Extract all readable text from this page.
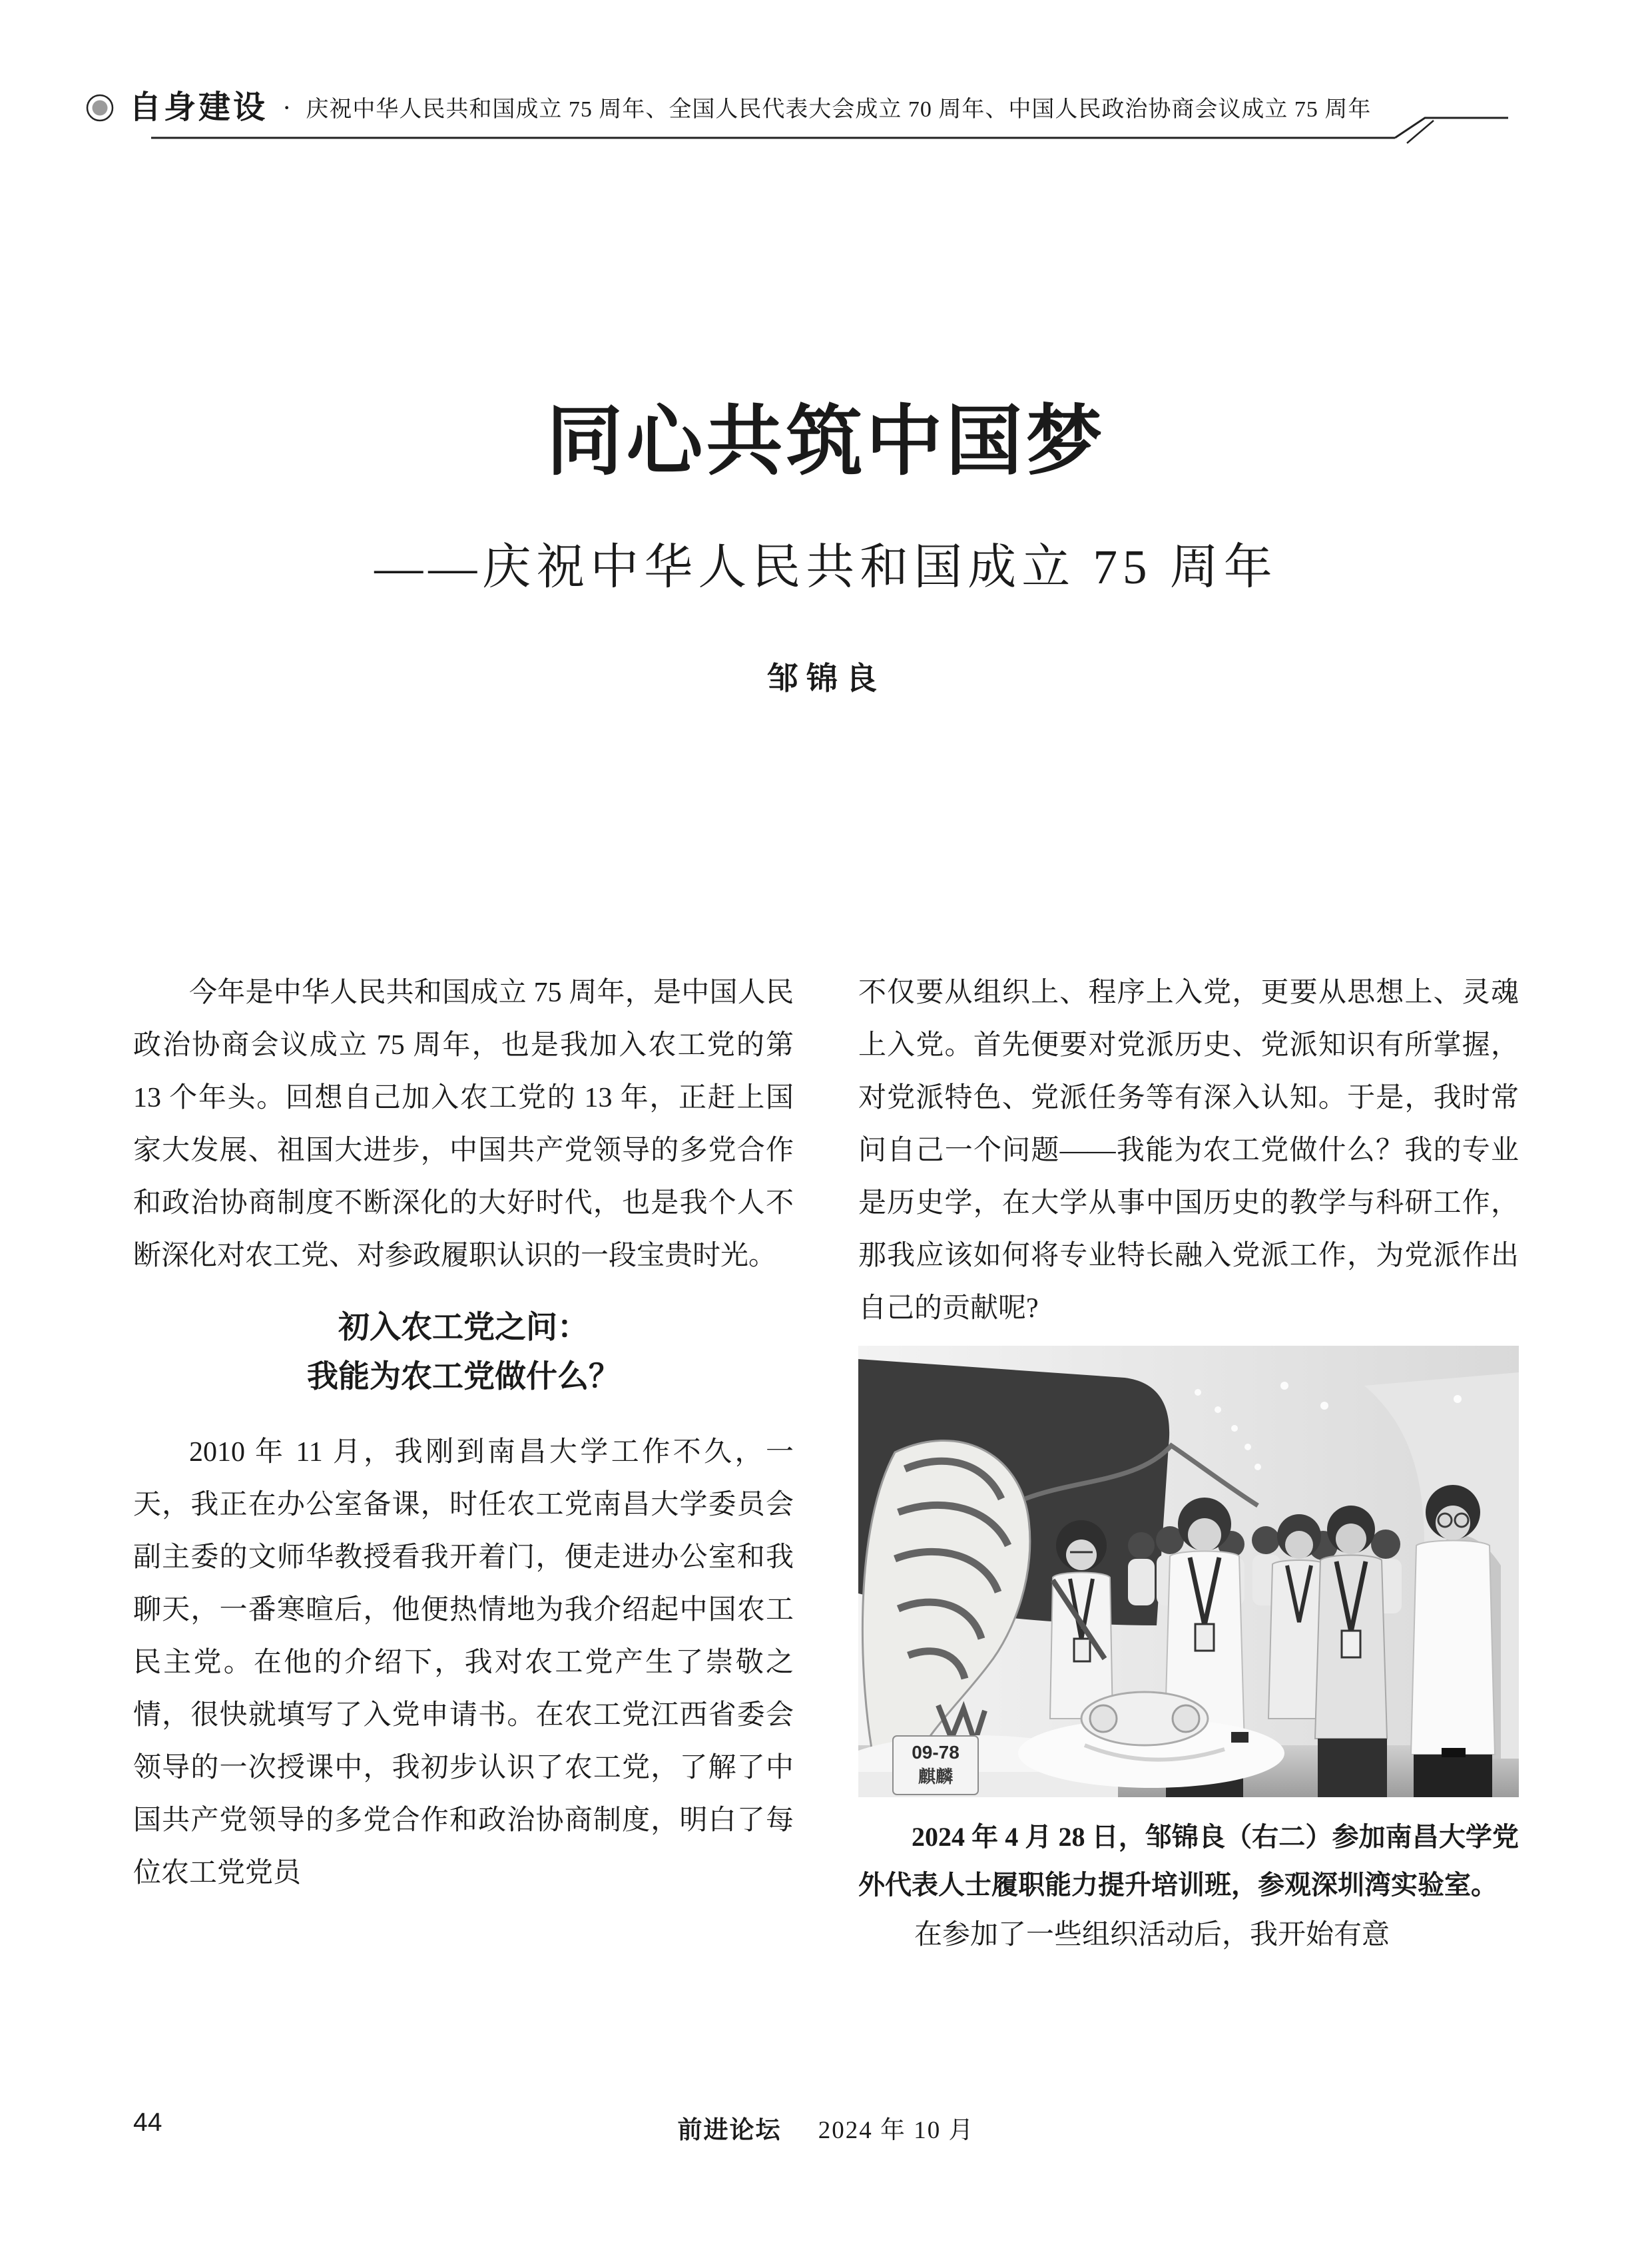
自身建设 · 庆祝中华人民共和国成立 75 周年、全国人民代表大会成立 70 周年、中国人民政治协商会议成立 75 周年
同心共筑中国梦
——庆祝中华人民共和国成立 75 周年
邹锦良

今年是中华人民共和国成立 75 周年，是中国人民政治协商会议成立 75 周年，也是我加入农工党的第 13 个年头。回想自己加入农工党的 13 年，正赶上国家大发展、祖国大进步，中国共产党领导的多党合作和政治协商制度不断深化的大好时代，也是我个人不断深化对农工党、对参政履职认识的一段宝贵时光。

初入农工党之问：
我能为农工党做什么？

2010 年 11 月，我刚到南昌大学工作不久，一天，我正在办公室备课，时任农工党南昌大学委员会副主委的文师华教授看我开着门，便走进办公室和我聊天，一番寒暄后，他便热情地为我介绍起中国农工民主党。在他的介绍下，我对农工党产生了崇敬之情，很快就填写了入党申请书。在农工党江西省委会领导的一次授课中，我初步认识了农工党，了解了中国共产党领导的多党合作和政治协商制度，明白了每位农工党党员

不仅要从组织上、程序上入党，更要从思想上、灵魂上入党。首先便要对党派历史、党派知识有所掌握，对党派特色、党派任务等有深入认知。于是，我时常问自己一个问题——我能为农工党做什么？我的专业是历史学，在大学从事中国历史的教学与科研工作，那我应该如何将专业特长融入党派工作，为党派作出自己的贡献呢?

09-78
麒麟
2024 年 4 月 28 日，邹锦良（右二）参加南昌大学党外代表人士履职能力提升培训班，参观深圳湾实验室。

在参加了一些组织活动后，我开始有意

44	前进论坛 2024 年 10 月
